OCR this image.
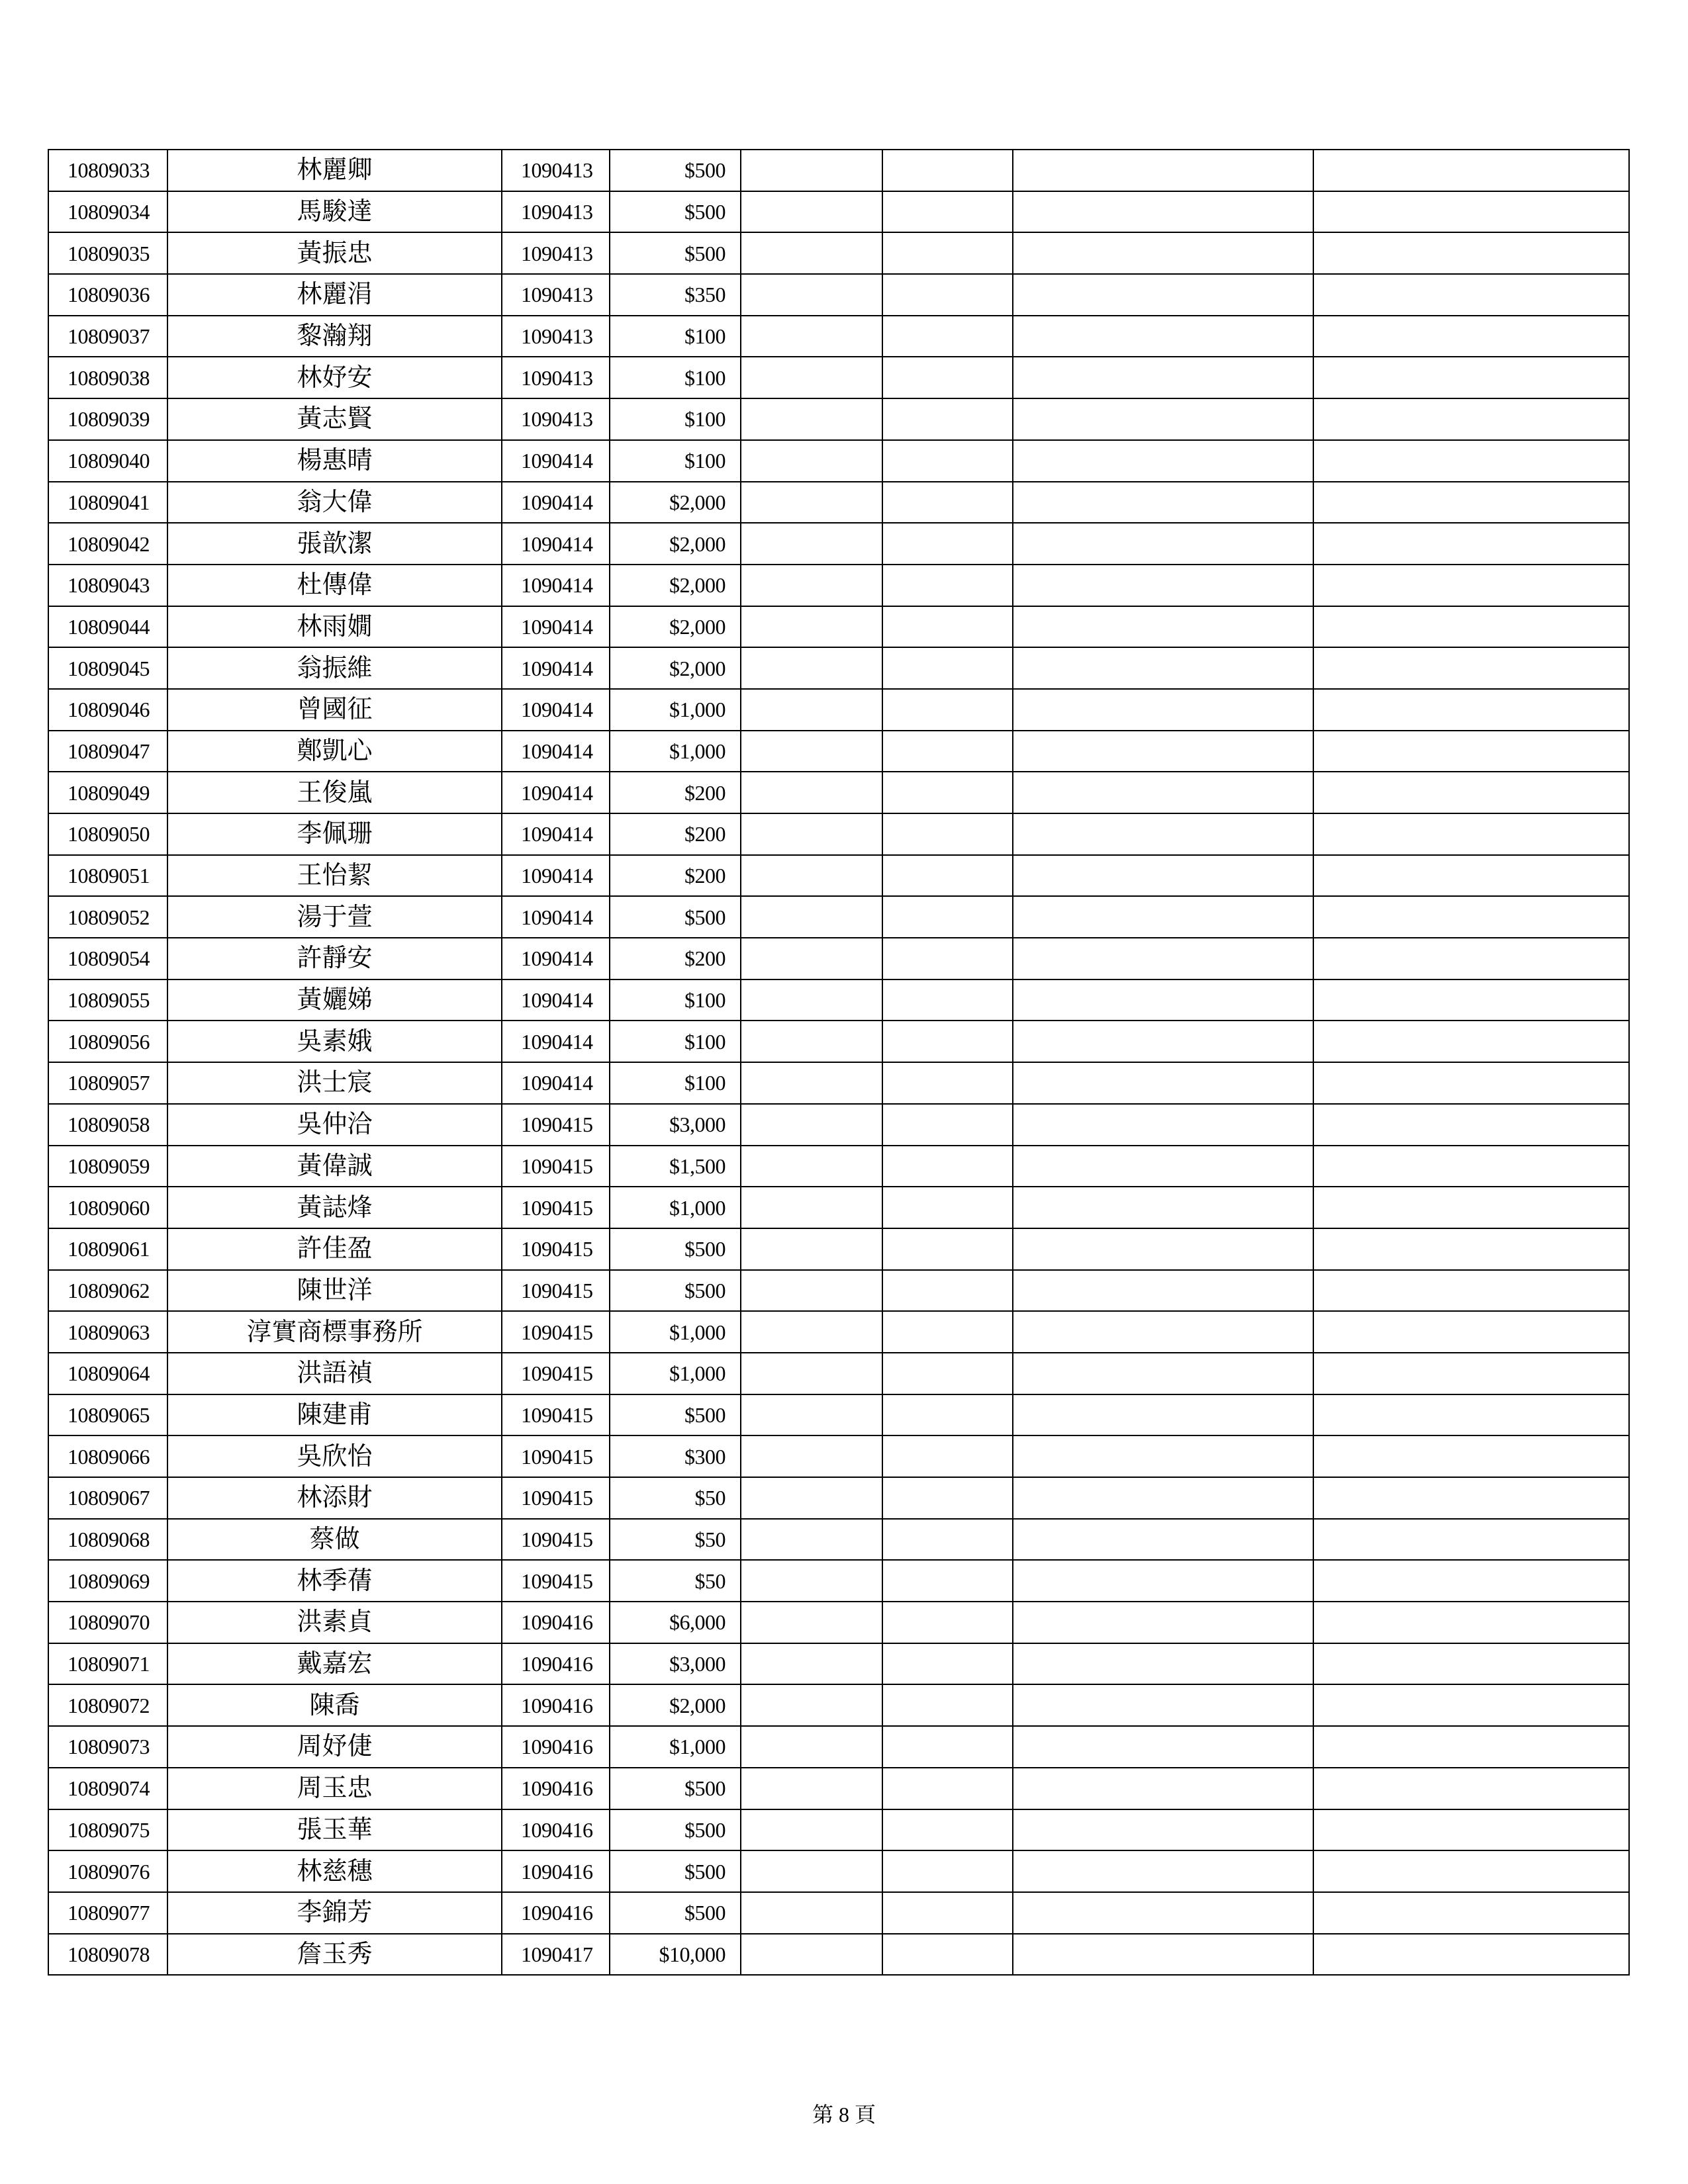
10809033	林麗卿	1090413	$500				
10809034	馬駿達	1090413	$500				
10809035	黃振忠	1090413	$500				
10809036	林麗涓	1090413	$350				
10809037	黎瀚翔	1090413	$100				
10809038	林妤安	1090413	$100				
10809039	黃志賢	1090413	$100				
10809040	楊惠晴	1090414	$100				
10809041	翁大偉	1090414	$2,000				
10809042	張歆潔	1090414	$2,000				
10809043	杜傳偉	1090414	$2,000				
10809044	林雨嫺	1090414	$2,000				
10809045	翁振維	1090414	$2,000				
10809046	曾國征	1090414	$1,000				
10809047	鄭凱心	1090414	$1,000				
10809049	王俊嵐	1090414	$200				
10809050	李佩珊	1090414	$200				
10809051	王怡絜	1090414	$200				
10809052	湯于萱	1090414	$500				
10809054	許靜安	1090414	$200				
10809055	黃孋娣	1090414	$100				
10809056	吳素娥	1090414	$100				
10809057	洪士宸	1090414	$100				
10809058	吳仲洽	1090415	$3,000				
10809059	黃偉誠	1090415	$1,500				
10809060	黃誌烽	1090415	$1,000				
10809061	許佳盈	1090415	$500				
10809062	陳世洋	1090415	$500				
10809063	淳實商標事務所	1090415	$1,000				
10809064	洪語禎	1090415	$1,000				
10809065	陳建甫	1090415	$500				
10809066	吳欣怡	1090415	$300				
10809067	林添財	1090415	$50				
10809068	蔡做	1090415	$50				
10809069	林季蒨	1090415	$50				
10809070	洪素貞	1090416	$6,000				
10809071	戴嘉宏	1090416	$3,000				
10809072	陳喬	1090416	$2,000				
10809073	周妤倢	1090416	$1,000				
10809074	周玉忠	1090416	$500				
10809075	張玉華	1090416	$500				
10809076	林慈穗	1090416	$500				
10809077	李錦芳	1090416	$500				
10809078	詹玉秀	1090417	$10,000				
第 8 頁
